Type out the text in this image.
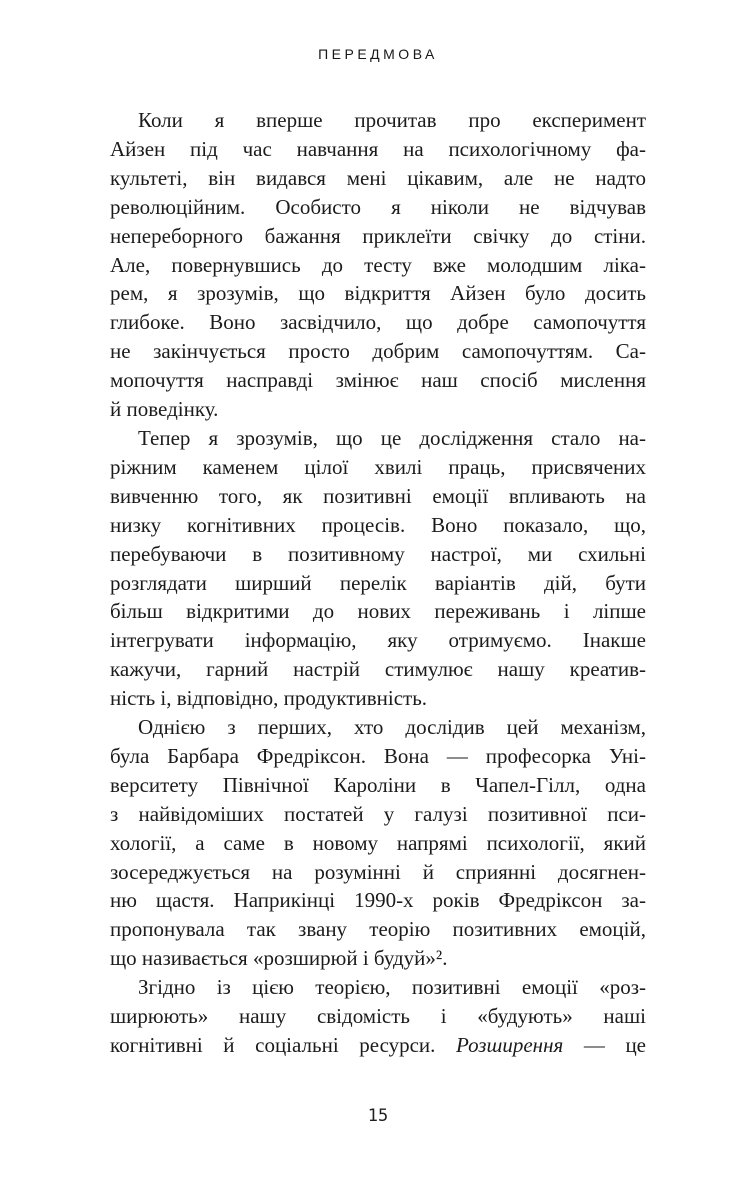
ПЕРЕДМОВА
Коли я вперше прочитав про експеримент
Айзен під час навчання на психологічному фа-
культеті, він видався мені цікавим, але не надто
революційним. Особисто я ніколи не відчував
непереборного бажання приклеїти свічку до стіни.
Але, повернувшись до тесту вже молодшим ліка-
рем, я зрозумів, що відкриття Айзен було досить
глибоке. Воно засвідчило, що добре самопочуття
не закінчується просто добрим самопочуттям. Са-
мопочуття насправді змінює наш спосіб мислення
й поведінку.
Тепер я зрозумів, що це дослідження стало на-
ріжним каменем цілої хвилі праць, присвячених
вивченню того, як позитивні емоції впливають на
низку когнітивних процесів. Воно показало, що,
перебуваючи в позитивному настрої, ми схильні
розглядати ширший перелік варіантів дій, бути
більш відкритими до нових переживань і ліпше
інтегрувати інформацію, яку отримуємо. Інакше
кажучи, гарний настрій стимулює нашу креатив-
ність і, відповідно, продуктивність.
Однією з перших, хто дослідив цей механізм,
була Барбара Фредріксон. Вона — професорка Уні-
верситету Північної Кароліни в Чапел-Гілл, одна
з найвідоміших постатей у галузі позитивної пси-
хології, а саме в новому напрямі психології, який
зосереджується на розумінні й сприянні досягнен-
ню щастя. Наприкінці 1990-х років Фредріксон за-
пропонувала так звану теорію позитивних емоцій,
що називається «розширюй і будуй»².
Згідно із цією теорією, позитивні емоції «роз-
ширюють» нашу свідомість і «будують» наші
когнітивні й соціальні ресурси. Розширення — це
15
